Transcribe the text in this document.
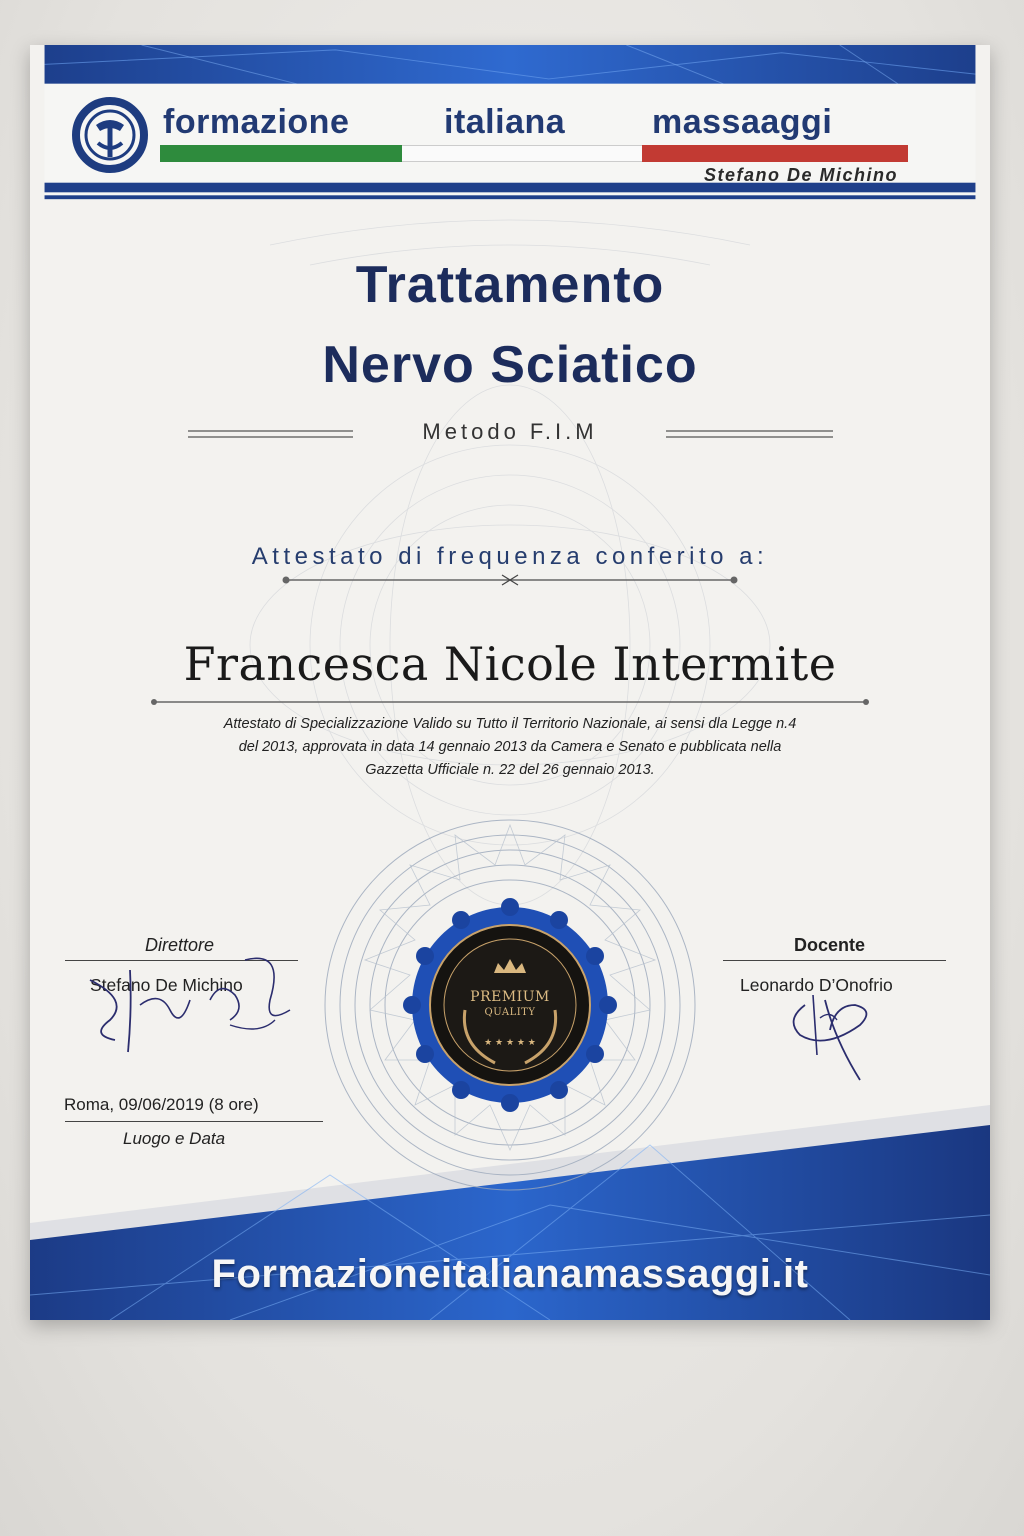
formazione	italiana	massaaggi
Stefano De Michino
★ ★ ★ ★ ★
PREMIUM
QUALITY
Trattamento
Nervo Sciatico
Metodo F.I.M
Attestato di frequenza conferito a:
Francesca Nicole Intermite
Attestato di Specializzazione Valido su Tutto il Territorio Nazionale, ai sensi dla Legge n.4
del 2013, approvata in data 14 gennaio 2013 da Camera e Senato e pubblicata nella
Gazzetta Ufficiale n. 22 del 26 gennaio 2013.
Direttore
Stefano De Michino
Docente
Leonardo D’Onofrio
Roma, 09/06/2019 (8 ore)
Luogo e Data
Formazioneitalianamassaggi.it
